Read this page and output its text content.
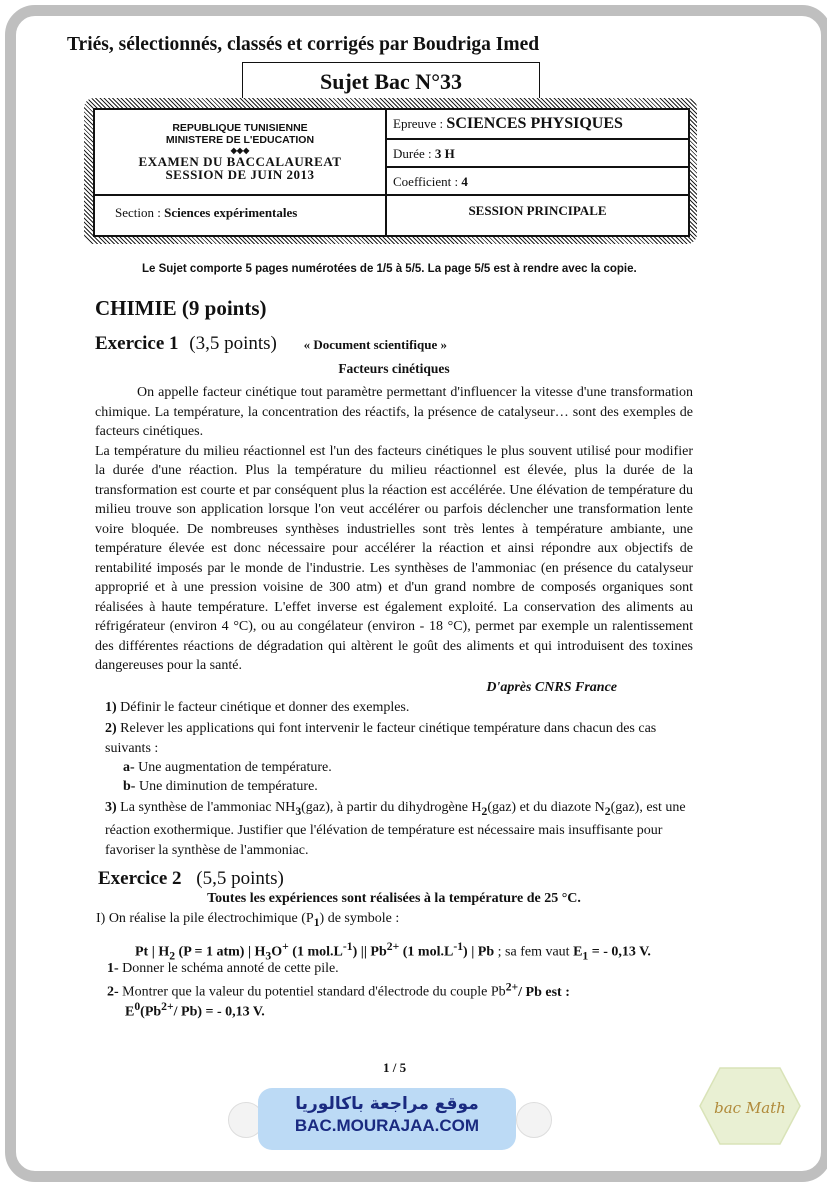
Triés, sélectionnés, classés et corrigés par Boudriga Imed
Sujet Bac N°33
REPUBLIQUE TUNISIENNE
MINISTERE DE L'EDUCATION
◆◆◆
EXAMEN DU BACCALAUREAT
SESSION DE JUIN 2013
Epreuve : SCIENCES PHYSIQUES
Durée : 3 H
Coefficient : 4
Section : Sciences expérimentales	SESSION PRINCIPALE
Le Sujet comporte 5 pages numérotées de 1/5 à 5/5. La page 5/5 est à rendre avec la copie.
CHIMIE (9 points)
Exercice 1 (3,5 points) « Document scientifique »
Facteurs cinétiques

On appelle facteur cinétique tout paramètre permettant d'influencer la vitesse d'une transformation chimique. La température, la concentration des réactifs, la présence de catalyseur… sont des exemples de facteurs cinétiques.

La température du milieu réactionnel est l'un des facteurs cinétiques le plus souvent utilisé pour modifier la durée d'une réaction. Plus la température du milieu réactionnel est élevée, plus la durée de la transformation est courte et par conséquent plus la réaction est accélérée. Une élévation de température du milieu trouve son application lorsque l'on veut accélérer ou parfois déclencher une transformation lente voire bloquée. De nombreuses synthèses industrielles sont très lentes à température ambiante, une température élevée est donc nécessaire pour accélérer la réaction et ainsi répondre aux objectifs de rentabilité imposés par le monde de l'industrie. Les synthèses de l'ammoniac (en présence du catalyseur approprié et à une pression voisine de 300 atm) et d'un grand nombre de composés organiques sont réalisées à haute température. L'effet inverse est également exploité. La conservation des aliments au réfrigérateur (environ 4 °C), ou au congélateur (environ - 18 °C), permet par exemple un ralentissement des différentes réactions de dégradation qui altèrent le goût des aliments et qui introduisent des toxines dangereuses pour la santé.

D'après CNRS France
1) Définir le facteur cinétique et donner des exemples.
2) Relever les applications qui font intervenir le facteur cinétique température dans chacun des cas suivants :
a- Une augmentation de température.
b- Une diminution de température.
3) La synthèse de l'ammoniac $NH_3(gaz)$, à partir du dihydrogène $H_2(gaz)$ et du diazote $N_2(gaz)$, est une réaction exothermique. Justifier que l'élévation de température est nécessaire mais insuffisante pour favoriser la synthèse de l'ammoniac.
Exercice 2 (5,5 points)
Toutes les expériences sont réalisées à la température de 25 °C.
I) On réalise la pile électrochimique $(P_1)$ de symbole :
Pt | $H_2$ (P = 1 atm) | $H_3O^+$ (1 $mol.L^{-1}$) || $Pb^{2+}$ (1 $mol.L^{-1}$) | Pb ; sa fem vaut $E_1$ = - 0,13 V.
1- Donner le schéma annoté de cette pile.
2- Montrer que la valeur du potentiel standard d'électrode du couple $Pb^{2+}/$ Pb est :
$E^0(Pb^{2+}/$ Pb) = - 0,13 V.
1 / 5
موقع مراجعة باكالوريا
BAC.MOURAJAA.COM
bac Math
